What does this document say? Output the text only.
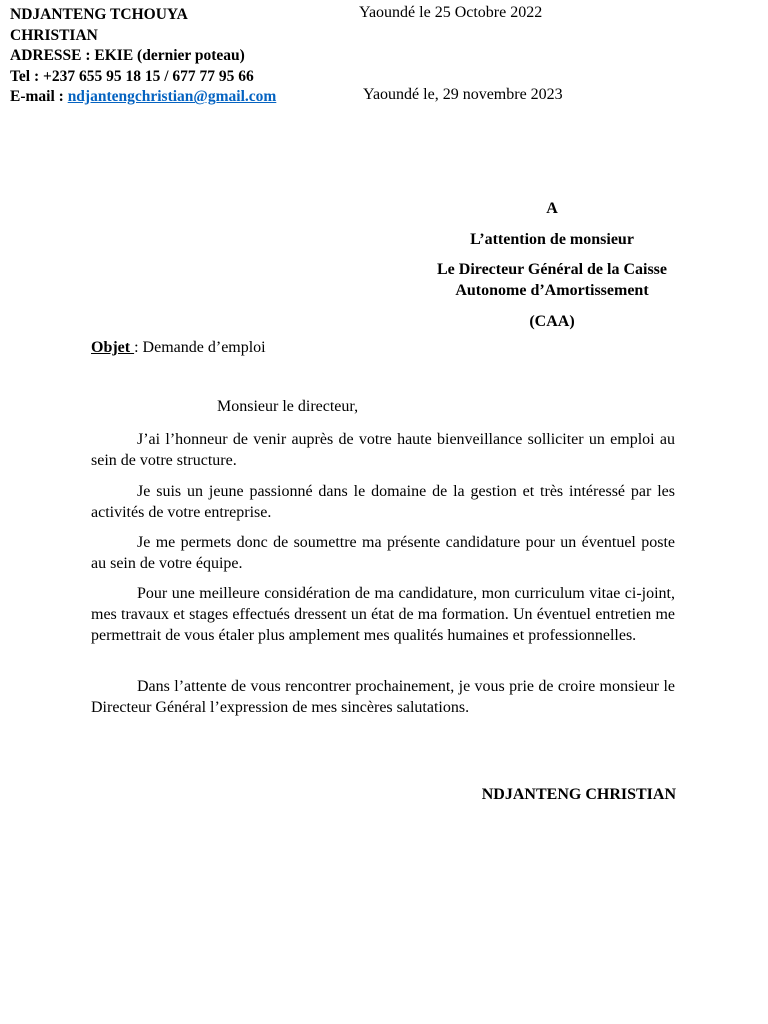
NDJANTENG TCHOUYA
CHRISTIAN
ADRESSE : EKIE (dernier poteau)
Tel : +237 655 95 18 15 / 677 77 95 66
E-mail : ndjantengchristian@gmail.com
Yaoundé le 25 Octobre 2022
Yaoundé le, 29 novembre 2023
A
L’attention de monsieur
Le Directeur Général de la Caisse
Autonome d’Amortissement
(CAA)
Objet : Demande d’emploi
Monsieur le directeur,
J’ai l’honneur de venir auprès de votre haute bienveillance solliciter un emploi au sein de votre structure.
Je suis un jeune passionné dans le domaine de la gestion et très intéressé par les activités de votre entreprise.
Je me permets donc de soumettre ma présente candidature pour un éventuel poste au sein de votre équipe.
Pour une meilleure considération de ma candidature, mon curriculum vitae ci-joint, mes travaux et stages effectués dressent un état de ma formation. Un éventuel entretien me permettrait de vous étaler plus amplement mes qualités humaines et professionnelles.
Dans l’attente de vous rencontrer prochainement, je vous prie de croire monsieur le Directeur Général l’expression de mes sincères salutations.
NDJANTENG CHRISTIAN
